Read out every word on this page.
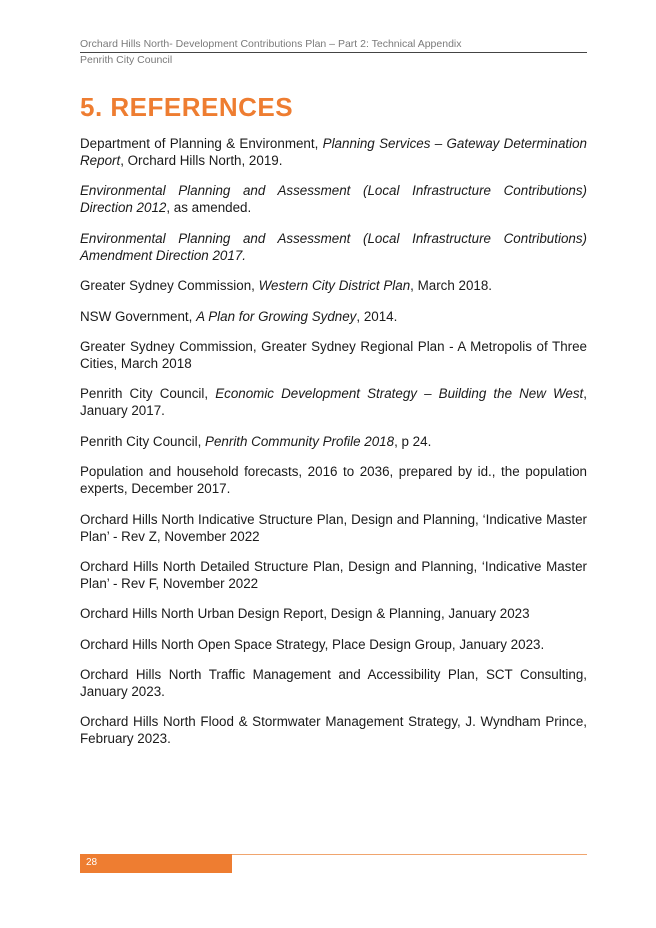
Orchard Hills North- Development Contributions Plan – Part 2: Technical Appendix
Penrith City Council
5. REFERENCES

Department of Planning & Environment, Planning Services – Gateway Determination Report, Orchard Hills North, 2019.

Environmental Planning and Assessment (Local Infrastructure Contributions) Direction 2012, as amended.

Environmental Planning and Assessment (Local Infrastructure Contributions) Amendment Direction 2017.

Greater Sydney Commission, Western City District Plan, March 2018.

NSW Government, A Plan for Growing Sydney, 2014.

Greater Sydney Commission, Greater Sydney Regional Plan - A Metropolis of Three Cities, March 2018

Penrith City Council, Economic Development Strategy – Building the New West, January 2017.

Penrith City Council, Penrith Community Profile 2018, p 24.

Population and household forecasts, 2016 to 2036, prepared by id., the population experts, December 2017.

Orchard Hills North Indicative Structure Plan, Design and Planning, ‘Indicative Master Plan’ - Rev Z, November 2022

Orchard Hills North Detailed Structure Plan, Design and Planning, ‘Indicative Master Plan’ - Rev F, November 2022

Orchard Hills North Urban Design Report, Design & Planning, January 2023

Orchard Hills North Open Space Strategy, Place Design Group, January 2023.

Orchard Hills North Traffic Management and Accessibility Plan, SCT Consulting, January 2023.

Orchard Hills North Flood & Stormwater Management Strategy, J. Wyndham Prince, February 2023.

28
